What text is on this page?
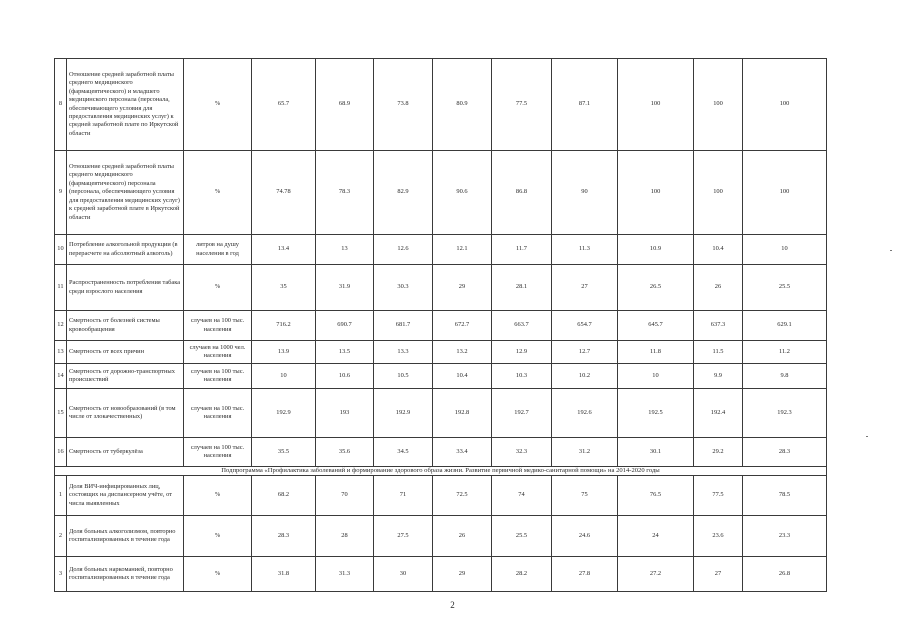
8	Отношение средней заработной платы среднего медицинского (фармацевтического) и младшего медицинского персонала (персонала, обеспечивающего условия для предоставления медицинских услуг) к средней заработной плате по Иркутской области	%	65.7	68.9	73.8	80.9	77.5	87.1	100	100	100
9	Отношение средней заработной платы среднего медицинского (фармацевтического) персонала (персонала, обеспечивающего условия для предоставления медицинских услуг) к средней заработной плате в Иркутской области	%	74.78	78.3	82.9	90.6	86.8	90	100	100	100
10	Потребление алкогольной продукции (в перерасчете на абсолютный алкоголь)	литров на душу населения в год	13.4	13	12.6	12.1	11.7	11.3	10.9	10.4	10
11	Распространенность потребления табака среди взрослого населения	%	35	31.9	30.3	29	28.1	27	26.5	26	25.5
12	Смертность от болезней системы кровообращения	случаев на 100 тыс. населения	716.2	690.7	681.7	672.7	663.7	654.7	645.7	637.3	629.1
13	Смертность от всех причин	случаев на 1000 чел. населения	13.9	13.5	13.3	13.2	12.9	12.7	11.8	11.5	11.2
14	Смертность от дорожно-транспортных происшествий	случаев на 100 тыс. населения	10	10.6	10.5	10.4	10.3	10.2	10	9.9	9.8
15	Смертность от новообразований (в том числе от злокачественных)	случаев на 100 тыс. населения	192.9	193	192.9	192.8	192.7	192.6	192.5	192.4	192.3
16	Смертность от туберкулёза	случаев на 100 тыс. населения	35.5	35.6	34.5	33.4	32.3	31.2	30.1	29.2	28.3
Подпрограмма «Профилактика заболеваний и формирование здорового образа жизни. Развитие первичной медико-санитарной помощи» на 2014-2020 годы											
1	Доля ВИЧ-инфицированных лиц, состоящих на диспансерном учёте, от числа выявленных	%	68.2	70	71	72.5	74	75	76.5	77.5	78.5
2	Доля больных алкоголизмом, повторно госпитализированных в течение года	%	28.3	28	27.5	26	25.5	24.6	24	23.6	23.3
3	Доля больных наркоманией, повторно госпитализированных в течение года	%	31.8	31.3	30	29	28.2	27.8	27.2	27	26.8
2
